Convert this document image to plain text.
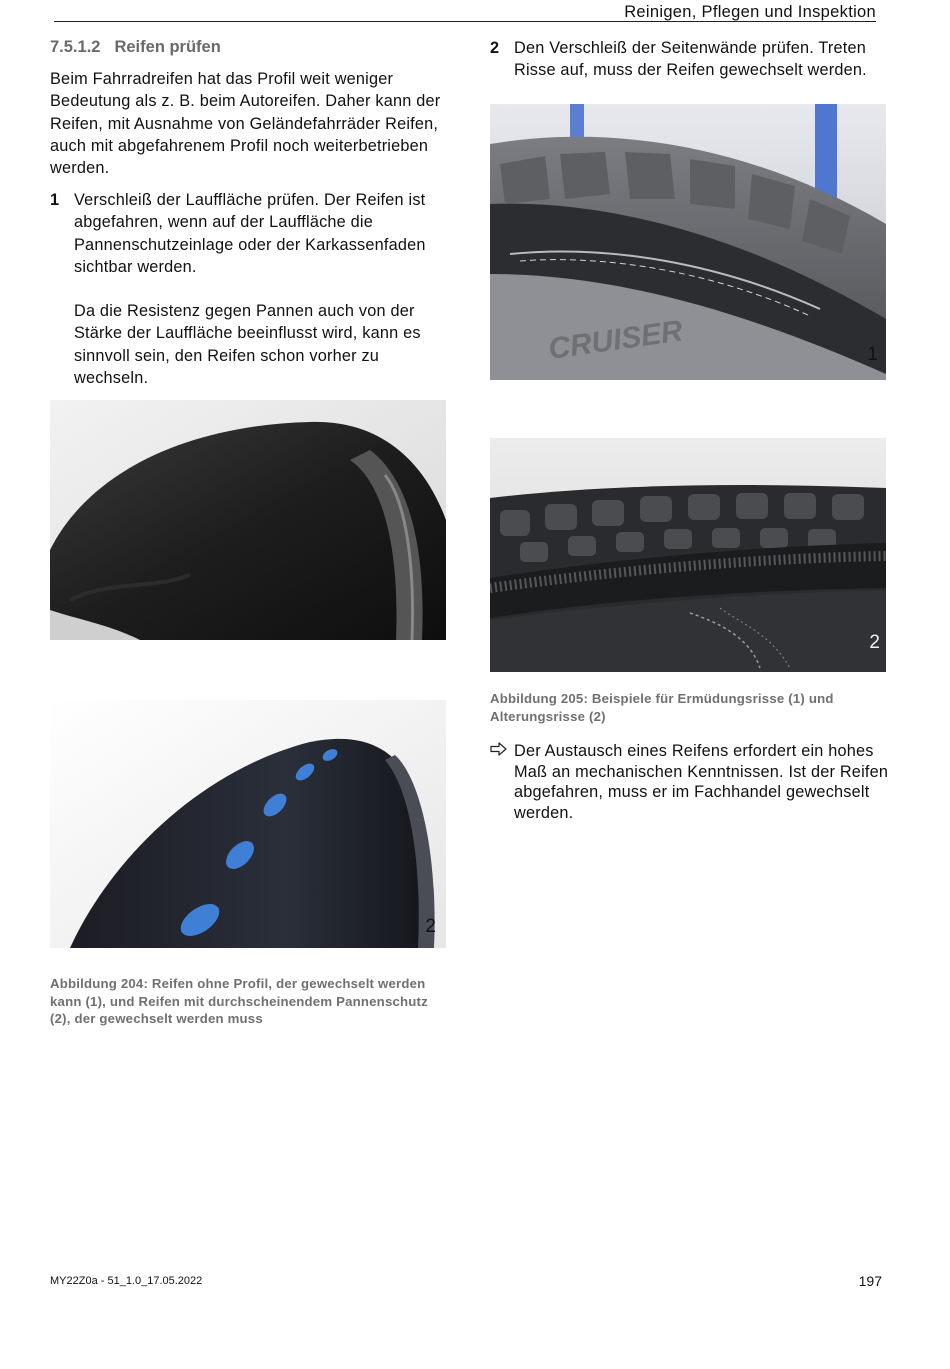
Reinigen, Pflegen und Inspektion
7.5.1.2 Reifen prüfen
Beim Fahrradreifen hat das Profil weit weniger Bedeutung als z. B. beim Autoreifen. Daher kann der Reifen, mit Ausnahme von Geländefahrräder Reifen, auch mit abgefahrenem Profil noch weiterbetrieben werden.
1 Verschleiß der Lauffläche prüfen. Der Reifen ist abgefahren, wenn auf der Lauffläche die Pannenschutzeinlage oder der Karkassenfaden sichtbar werden.

Da die Resistenz gegen Pannen auch von der Stärke der Lauffläche beeinflusst wird, kann es sinnvoll sein, den Reifen schon vorher zu wechseln.

2 Den Verschleiß der Seitenwände prüfen. Treten Risse auf, muss der Reifen gewechselt werden.
1
2
Abbildung 204: Reifen ohne Profil, der gewechselt werden kann (1), und Reifen mit durchscheinendem Pannenschutz (2), der gewechselt werden muss
CRUISER	1
2
Abbildung 205: Beispiele für Ermüdungsrisse (1) und Alterungsrisse (2)
Der Austausch eines Reifens erfordert ein hohes Maß an mechanischen Kenntnissen. Ist der Reifen abgefahren, muss er im Fachhandel gewechselt werden.
MY22Z0a - 51_1.0_17.05.2022	197
